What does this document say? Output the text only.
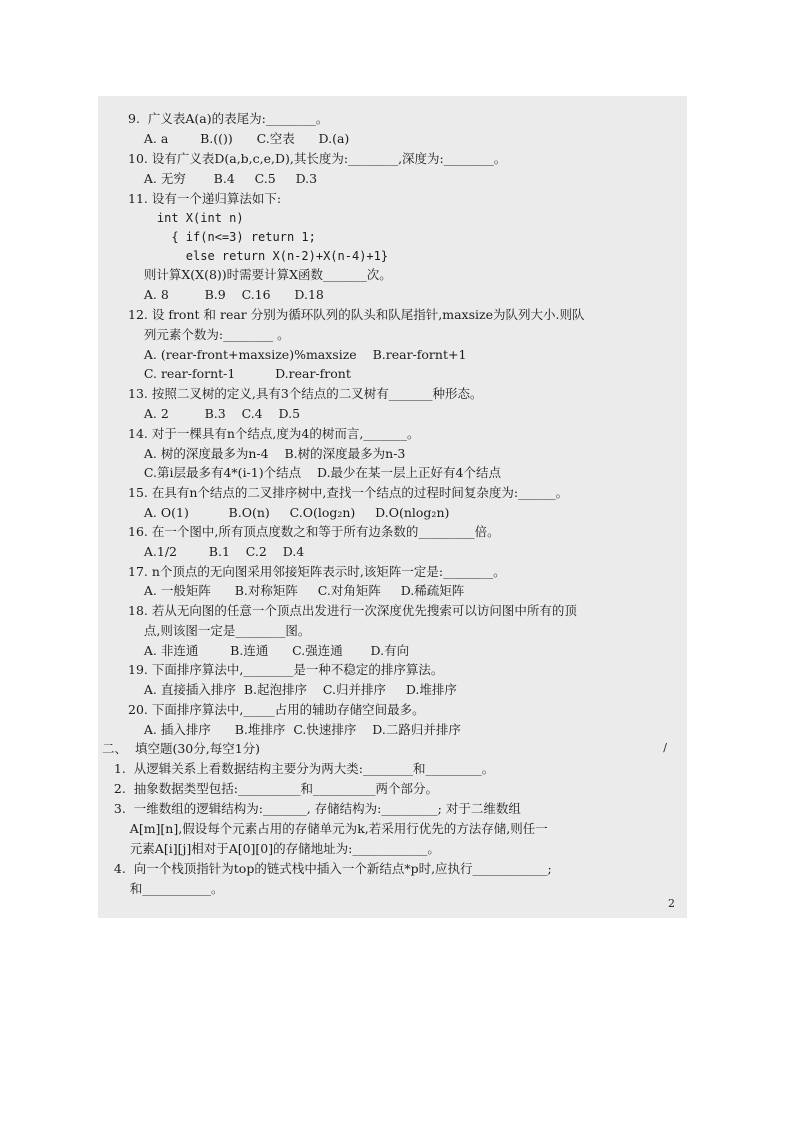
9.  广义表A(a)的表尾为:________。
A. a        B.(())      C.空表      D.(a)
10. 设有广义表D(a,b,c,e,D),其长度为:________,深度为:________。
A. 无穷       B.4     C.5     D.3
11. 设有一个递归算法如下:
int X(int n)
{ if(n<=3) return 1;
else return X(n-2)+X(n-4)+1}
则计算X(X(8))时需要计算X函数_______次。
A. 8         B.9    C.16      D.18
12. 设 front 和 rear 分别为循环队列的队头和队尾指针,maxsize为队列大小.则队
列元素个数为:________ 。
A. (rear-front+maxsize)%maxsize    B.rear-fornt+1
C. rear-fornt-1          D.rear-front
13. 按照二叉树的定义,具有3个结点的二叉树有_______种形态。
A. 2         B.3    C.4    D.5
14. 对于一棵具有n个结点,度为4的树而言,_______。
A. 树的深度最多为n-4    B.树的深度最多为n-3
C.第i层最多有4*(i-1)个结点    D.最少在某一层上正好有4个结点
15. 在具有n个结点的二叉排序树中,查找一个结点的过程时间复杂度为:______。
A. O(1)          B.O(n)     C.O(log₂n)     D.O(nlog₂n)
16. 在一个图中,所有顶点度数之和等于所有边条数的_________倍。
A.1/2        B.1    C.2    D.4
17. n个顶点的无向图采用邻接矩阵表示时,该矩阵一定是:________。
A. 一般矩阵      B.对称矩阵     C.对角矩阵     D.稀疏矩阵
18. 若从无向图的任意一个顶点出发进行一次深度优先搜索可以访问图中所有的顶
点,则该图一定是________图。
A. 非连通        B.连通      C.强连通       D.有向
19. 下面排序算法中,________是一种不稳定的排序算法。
A. 直接插入排序  B.起泡排序    C.归并排序     D.堆排序
20. 下面排序算法中,_____占用的辅助存储空间最多。
A. 插入排序      B.堆排序  C.快速排序    D.二路归并排序
二、  填空题(30分,每空1分)
1.  从逻辑关系上看数据结构主要分为两大类:________和_________。
2.  抽象数据类型包括:__________和__________两个部分。
3.  一维数组的逻辑结构为:_______, 存储结构为:_________; 对于二维数组
A[m][n],假设每个元素占用的存储单元为k,若采用行优先的方法存储,则任一
元素A[i][j]相对于A[0][0]的存储地址为:____________。
4.  向一个栈顶指针为top的链式栈中插入一个新结点*p时,应执行____________;
和___________。
/
2
